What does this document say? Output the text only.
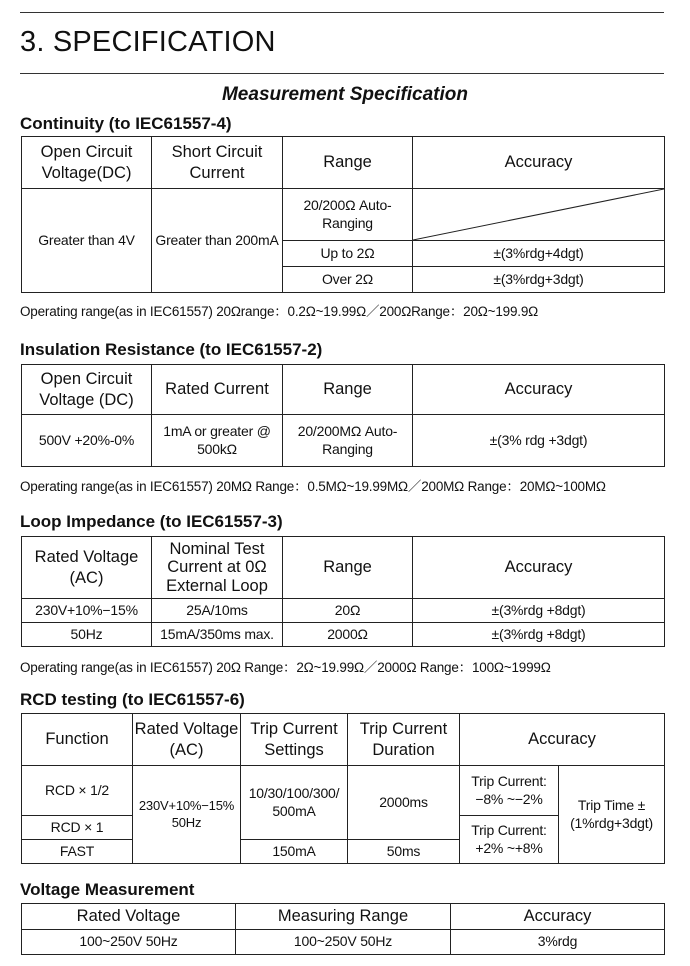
3. SPECIFICATION
Measurement Specification
Continuity (to IEC61557-4)
Open Circuit Voltage(DC)	Short Circuit Current	Range	Accuracy
Greater than 4V	Greater than 200mA	20/200Ω Auto-Ranging	

		Up to 2Ω	±(3%rdg+4dgt)
		Over 2Ω	±(3%rdg+3dgt)
Operating range(as in IEC61557) 20Ωrange：0.2Ω~19.99Ω／200ΩRange：20Ω~199.9Ω
Insulation Resistance (to IEC61557-2)
Open Circuit Voltage (DC)	Rated Current	Range	Accuracy
500V +20%-0%	1mA or greater @ 500kΩ	20/200MΩ Auto-Ranging	±(3% rdg +3dgt)
Operating range(as in IEC61557) 20MΩ Range：0.5MΩ~19.99MΩ／200MΩ Range：20MΩ~100MΩ
Loop Impedance (to IEC61557-3)
Rated Voltage (AC)	Nominal Test Current at 0Ω External Loop	Range	Accuracy
230V+10%−15%	25A/10ms	20Ω	±(3%rdg +8dgt)
50Hz	15mA/350ms max.	2000Ω	±(3%rdg +8dgt)
Operating range(as in IEC61557) 20Ω Range：2Ω~19.99Ω／2000Ω Range：100Ω~1999Ω
RCD testing (to IEC61557-6)
Function	Rated Voltage (AC)	Trip Current Settings	Trip Current Duration	Accuracy	
RCD × 1/2	230V+10%−15% 50Hz	10/30/100/300/ 500mA	2000ms	Trip Current: −8% ~−2%	Trip Time ±(1%rdg+3dgt)
RCD × 1				Trip Current: +2% ~+8%	
FAST		150mA	50ms		
Voltage Measurement
Rated Voltage	Measuring Range	Accuracy
100~250V 50Hz	100~250V 50Hz	3%rdg
